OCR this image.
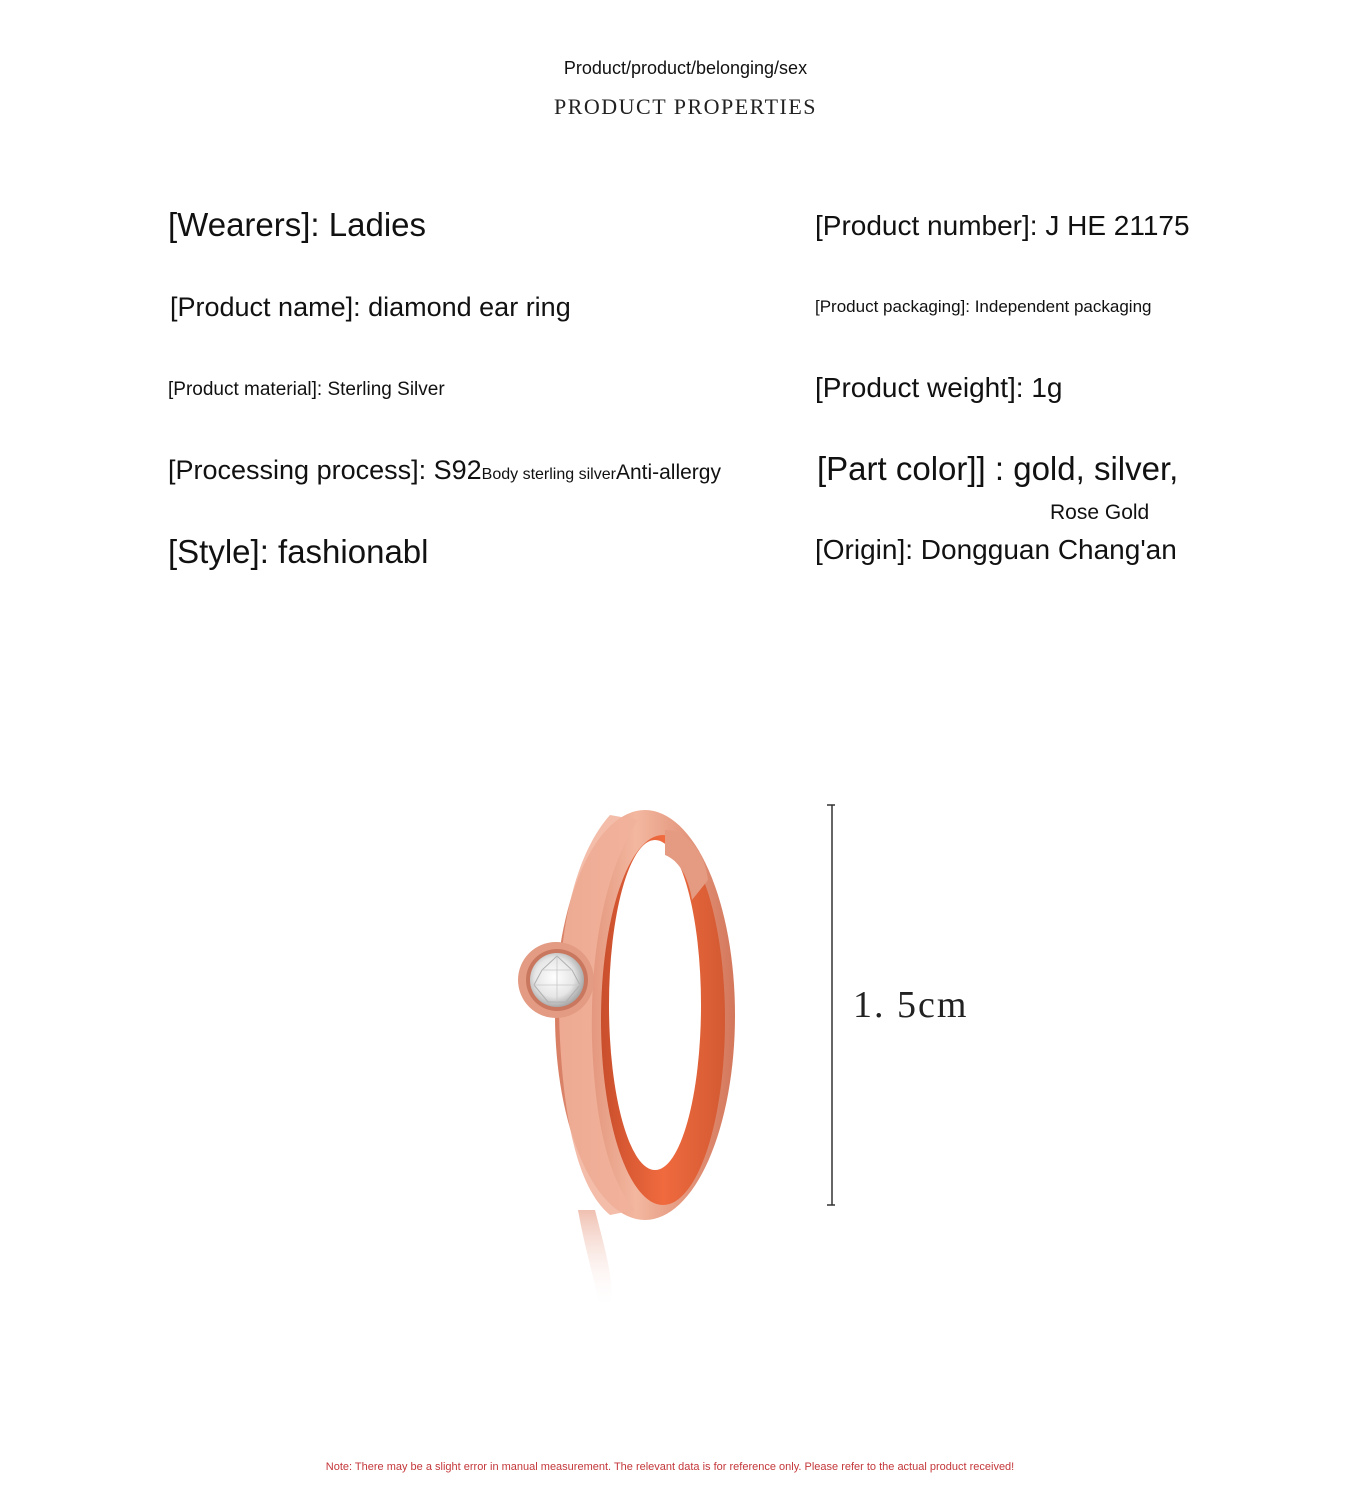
Product/product/belonging/sex
PRODUCT PROPERTIES
[Wearers]: Ladies
[Product name]: diamond ear ring
[Product material]: Sterling Silver
[Processing process]: S92Body sterling silverAnti-allergy
[Style]: fashionabl
[Product number]: J HE 21175
[Product packaging]: Independent packaging
[Product weight]: 1g
[Part color]] : gold, silver,
Rose Gold
[Origin]: Dongguan Chang'an
1. 5cm
Note: There may be a slight error in manual measurement. The relevant data is for reference only. Please refer to the actual product received!
